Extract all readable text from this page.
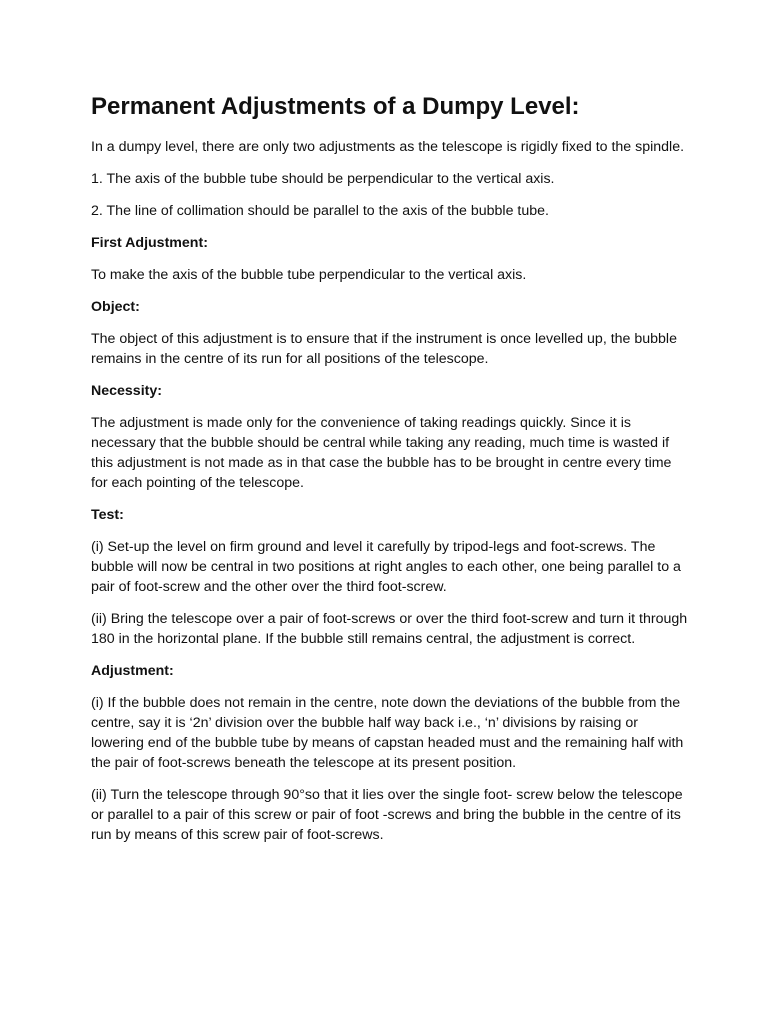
Permanent Adjustments of a Dumpy Level:

In a dumpy level, there are only two adjustments as the telescope is rigidly fixed to the spindle.

1. The axis of the bubble tube should be perpendicular to the vertical axis.

2. The line of collimation should be parallel to the axis of the bubble tube.

First Adjustment:

To make the axis of the bubble tube perpendicular to the vertical axis.

Object:

The object of this adjustment is to ensure that if the instrument is once levelled up, the bubble remains in the centre of its run for all positions of the telescope.

Necessity:

The adjustment is made only for the convenience of taking readings quickly. Since it is necessary that the bubble should be central while taking any reading, much time is wasted if this adjustment is not made as in that case the bubble has to be brought in centre every time for each pointing of the telescope.

Test:

(i) Set-up the level on firm ground and level it carefully by tripod-legs and foot-screws. The bubble will now be central in two positions at right angles to each other, one being parallel to a pair of foot-screw and the other over the third foot-screw.

(ii) Bring the telescope over a pair of foot-screws or over the third foot-screw and turn it through 180 in the horizontal plane. If the bubble still remains central, the adjustment is correct.

Adjustment:

(i) If the bubble does not remain in the centre, note down the deviations of the bubble from the centre, say it is ‘2n’ division over the bubble half way back i.e., ‘n’ divisions by raising or lowering end of the bubble tube by means of capstan headed must and the remaining half with the pair of foot-screws beneath the telescope at its present position.

(ii) Turn the telescope through 90°so that it lies over the single foot- screw below the telescope or parallel to a pair of this screw or pair of foot -screws and bring the bubble in the centre of its run by means of this screw pair of foot-screws.
